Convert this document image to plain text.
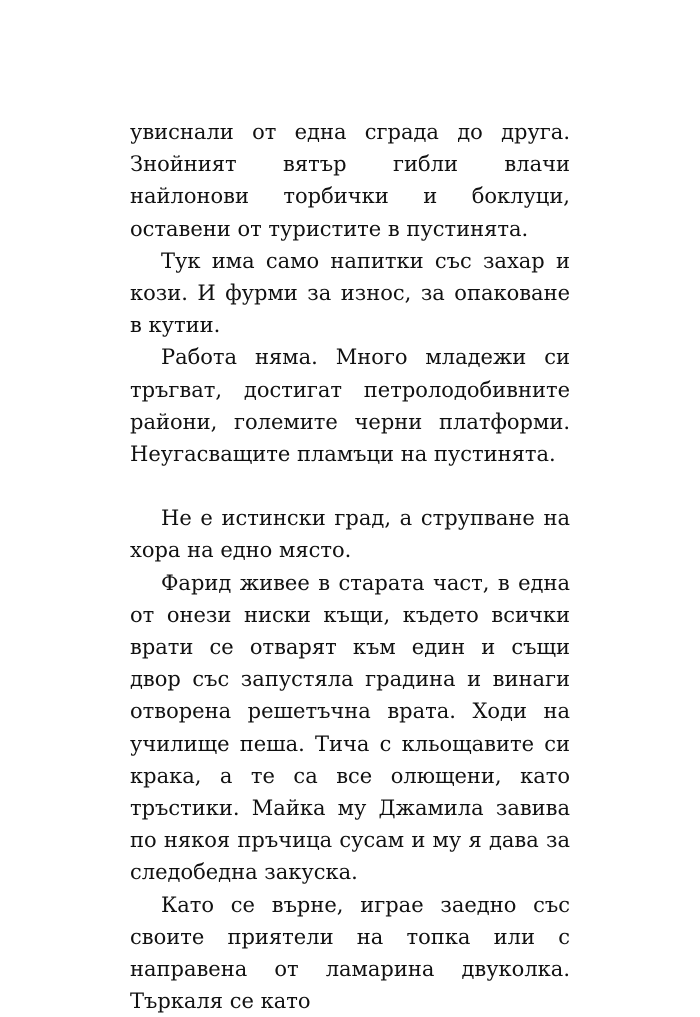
увиснали от една сграда до друга. Знойният вятър гибли влачи найлонови торбички и боклуци, оставени от туристите в пустинята.

Тук има само напитки със захар и кози. И фурми за износ, за опаковане в кутии.

Работа няма. Много младежи си тръгват, достигат петролодобивните райони, големите черни платформи. Неугасващите пламъци на пустинята.

Не е истински град, а струпване на хора на едно място.

Фарид живее в старата част, в една от онези ниски къщи, където всички врати се отварят към един и същи двор със запустяла градина и винаги отворена решетъчна врата. Ходи на училище пеша. Тича с кльощавите си крака, а те са все олющени, като тръстики. Майка му Джамила завива по някоя пръчица сусам и му я дава за следобедна закуска.

Като се върне, играе заедно със своите приятели на топка или с направена от ламарина двуколка. Търкаля се като
